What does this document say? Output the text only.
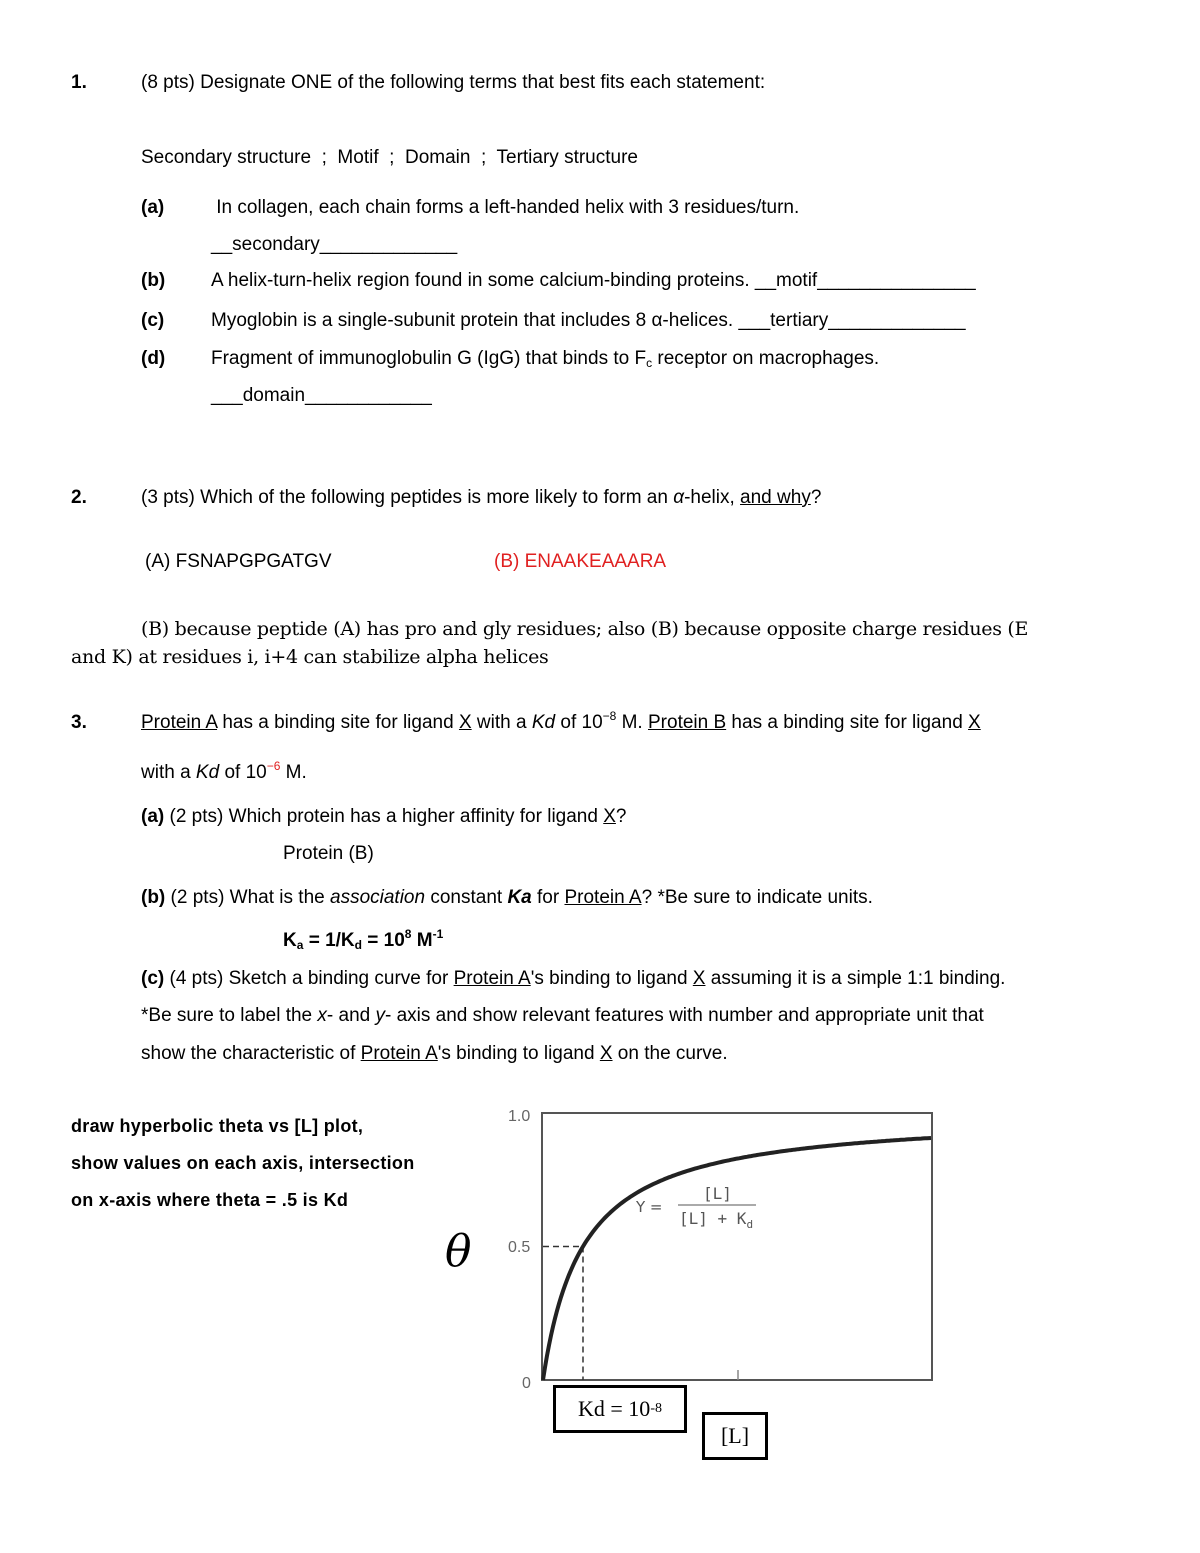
1.	(8 pts) Designate ONE of the following terms that best fits each statement:
Secondary structure  ;  Motif  ;  Domain  ;  Tertiary structure
(a) In collagen, each chain forms a left-handed helix with 3 residues/turn.
__secondary_____________
(b) A helix-turn-helix region found in some calcium-binding proteins. __motif_______________
(c) Myoglobin is a single-subunit protein that includes 8 α-helices. ___tertiary_____________
(d) Fragment of immunoglobulin G (IgG) that binds to $F_c$ receptor on macrophages.
___domain____________
2.	(3 pts) Which of the following peptides is more likely to form an α-helix, and why?
(A) FSNAPGPGATGV	(B) ENAAKEAAARA
(B) because peptide (A) has pro and gly residues; also (B) because opposite charge residues (E
and K) at residues i, i+4 can stabilize alpha helices
3.	Protein A has a binding site for ligand X with a Kd of $10^{-8}$ M. Protein B has a binding site for ligand X
with a Kd of $10^{-6}$ M.
(a) (2 pts) Which protein has a higher affinity for ligand X?
Protein (B)
(b) (2 pts) What is the association constant Ka for Protein A? *Be sure to indicate units.
$K_a = 1/K_d = 10^8$ $M^{-1}$
(c) (4 pts) Sketch a binding curve for Protein A's binding to ligand X assuming it is a simple 1:1 binding.
*Be sure to label the x- and y- axis and show relevant features with number and appropriate unit that
show the characteristic of Protein A's binding to ligand X on the curve.
draw hyperbolic theta vs [L] plot,
show values on each axis, intersection
on x-axis where theta = .5 is Kd
1.0
0.5
0
θ
Y =
[L]
$[L] + K_d$
Kd = 10 -8
[L]
